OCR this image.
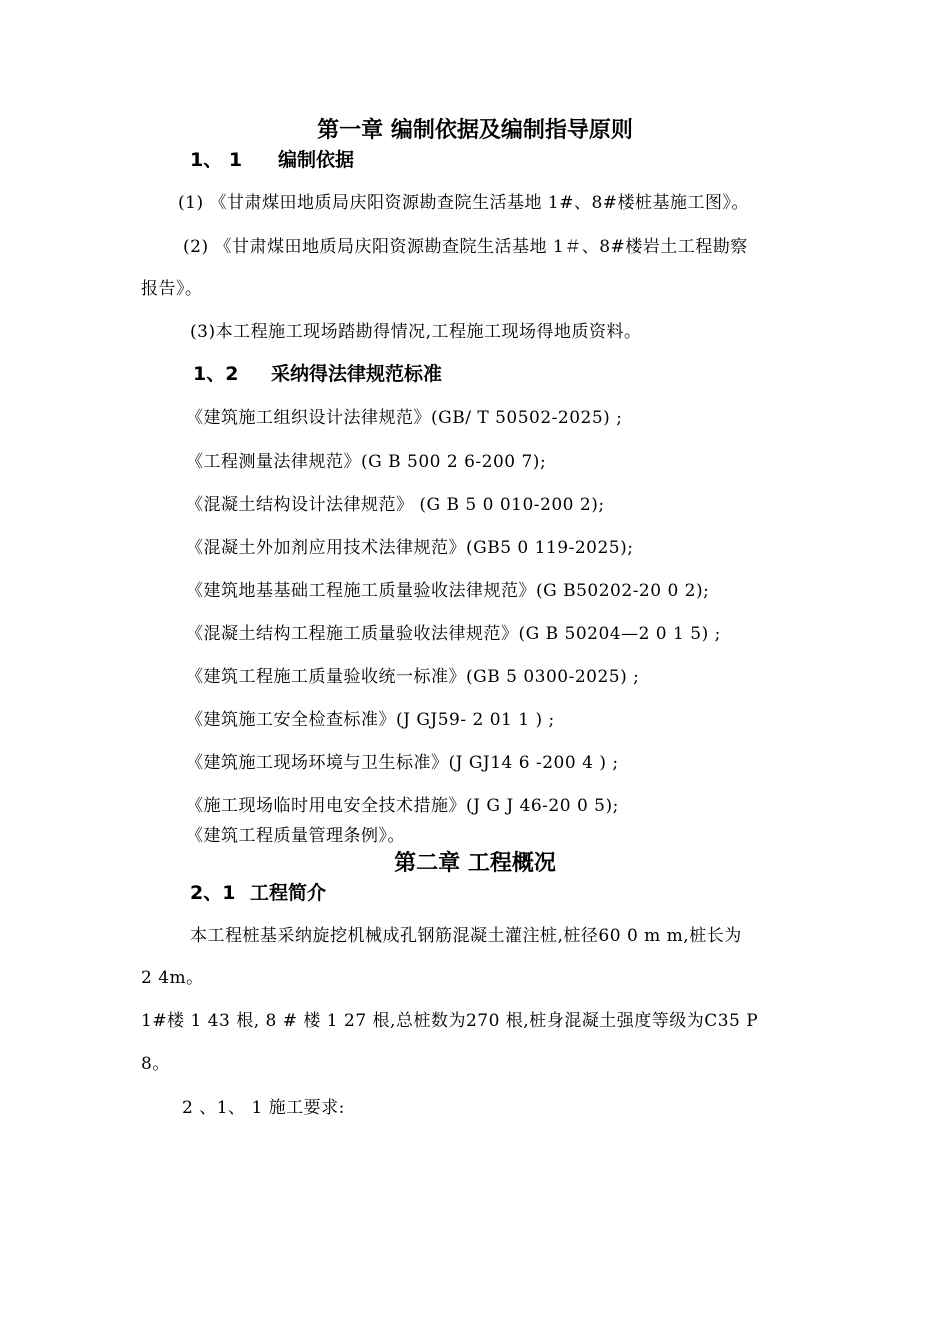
第一章 编制依据及编制指导原则
1、 1 编制依据
(1) 《甘肃煤田地质局庆阳资源勘查院生活基地 1#、8#楼桩基施工图》。
(2) 《甘肃煤田地质局庆阳资源勘查院生活基地 1＃、8#楼岩土工程勘察
报告》。
(3)本工程施工现场踏勘得情况,工程施工现场得地质资料。
1、2 采纳得法律规范标准
《建筑施工组织设计法律规范》(GB/ T 50502-2025) ;
《工程测量法律规范》(G B 500 2 6-200 7);
《混凝土结构设计法律规范》 (G B 5 0 010-200 2);
《混凝土外加剂应用技术法律规范》(GB5 0 119-2025);
《建筑地基基础工程施工质量验收法律规范》(G B50202-20 0 2);
《混凝土结构工程施工质量验收法律规范》(G B 50204—2 0 1 5) ;
《建筑工程施工质量验收统一标准》(GB 5 0300-2025) ;
《建筑施工安全检查标准》(J GJ59- 2 01 1 ) ;
《建筑施工现场环境与卫生标准》(J GJ14 6 -200 4 ) ;
《施工现场临时用电安全技术措施》(J G J 46-20 0 5);
《建筑工程质量管理条例》。
第二章 工程概况
2、1 工程简介
本工程桩基采纳旋挖机械成孔钢筋混凝土灌注桩,桩径60 0 m m,桩长为
2 4m。
1#楼 1 43 根, 8 # 楼 1 27 根,总桩数为270 根,桩身混凝土强度等级为C35 P
8。
2 、1、 1 施工要求:
